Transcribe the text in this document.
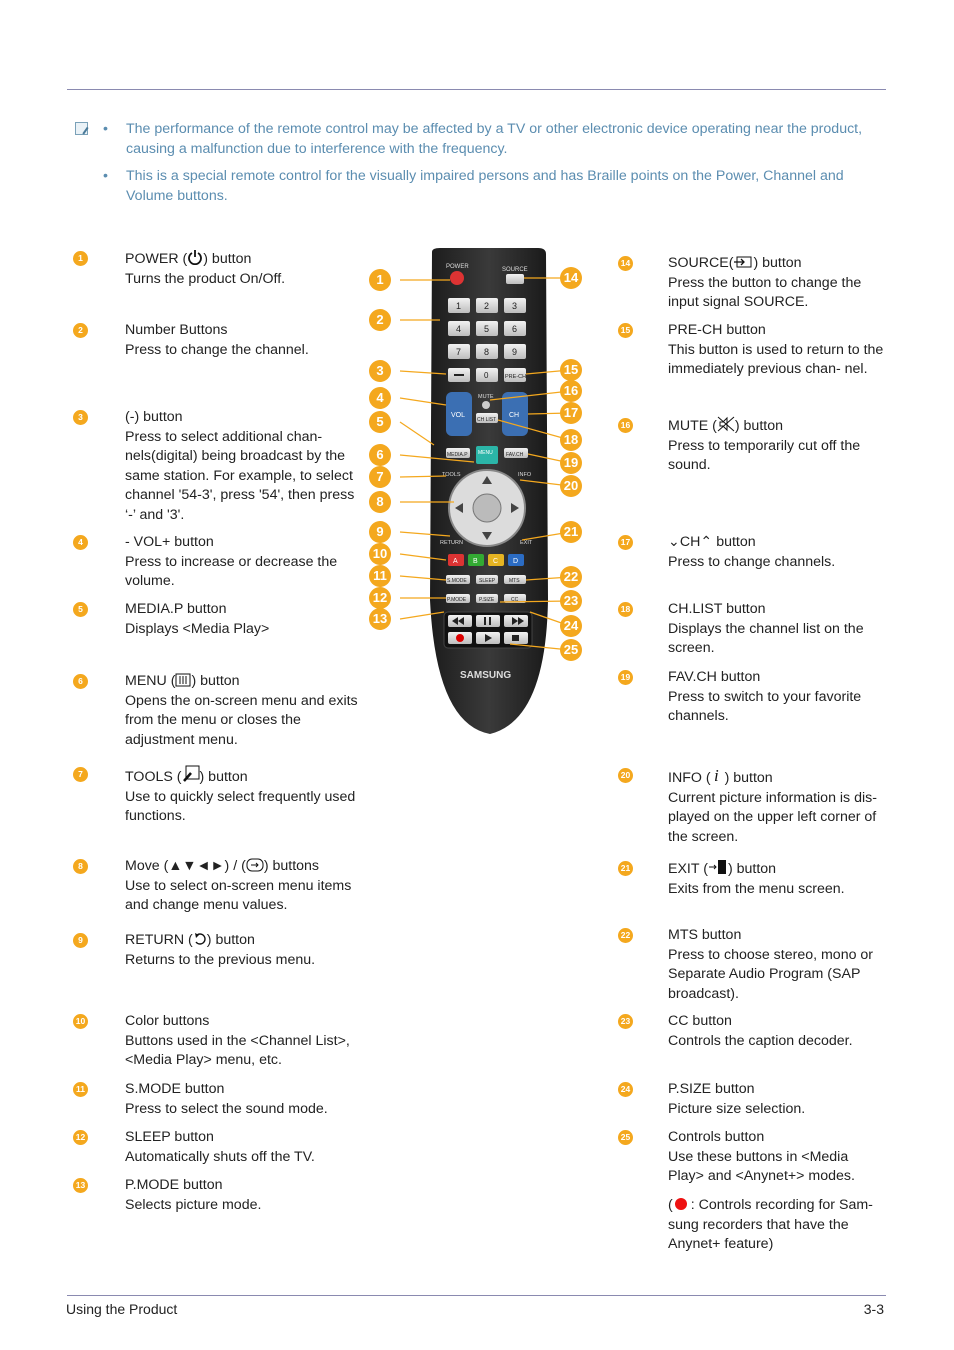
• The performance of the remote control may be affected by a TV or other electronic device operating near the product, causing a malfunction due to interference with the frequency.
• This is a special remote control for the visually impaired persons and has Braille points on the Power, Channel and Volume buttons.
1	POWER ( ) button
Turns the product On/Off.
2	Number Buttons
Press to change the channel.
3	(-) button
Press to select additional chan- nels(digital) being broadcast by the same station. For example, to select channel '54-3', press '54', then press ‘-’ and '3'.
4	- VOL+ button
Press to increase or decrease the volume.
5	MEDIA.P button
Displays <Media Play>
6	MENU ( ) button
Opens the on-screen menu and exits from the menu or closes the adjustment menu.
7	TOOLS ( ) button
Use to quickly select frequently used functions.
8	Move (▲▼◄►) / ( ) buttons
Use to select on-screen menu items and change menu values.
9	RETURN ( ) button
Returns to the previous menu.
10	Color buttons
Buttons used in the <Channel List>, <Media Play> menu, etc.
11	S.MODE button
Press to select the sound mode.
12	SLEEP button
Automatically shuts off the TV.
13	P.MODE button
Selects picture mode.
14	SOURCE( ) button
Press the button to change the input signal SOURCE.
15	PRE-CH button
This button is used to return to the immediately previous chan- nel.
16	MUTE ( ) button
Press to temporarily cut off the sound.
17	⌄CH⌃ button
Press to change channels.
18	CH.LIST button
Displays the channel list on the screen.
19	FAV.CH button
Press to switch to your favorite channels.
20	INFO ( i ) button
Current picture information is dis- played on the upper left corner of the screen.
21	EXIT ( ) button
Exits from the menu screen.
22	MTS button
Press to choose stereo, mono or Separate Audio Program (SAP broadcast).
23	CC button
Controls the caption decoder.
24	P.SIZE button
Picture size selection.
25	Controls button
Use these buttons in <Media Play> and <Anynet+> modes.
POWER	SOURCE
1	2	3
4	5	6
7	8	9
0	PRE-CH
VOL	CH
MUTE
CH LIST
MEDIA.P MENU	FAV.CH
TOOLS	INFO
RETURN	EXIT
A B C D
S.MODE SLEEP	MTS
P.MODE	P.SIZE	CC
SAMSUNG
1
2
3
4
5
6
7
8
9
10
11
12
13
14
15
16
17
18
19
20
21
22
23
24
25
Using the Product	3-3
( : Controls recording for Sam- sung recorders that have the Anynet+ feature)
